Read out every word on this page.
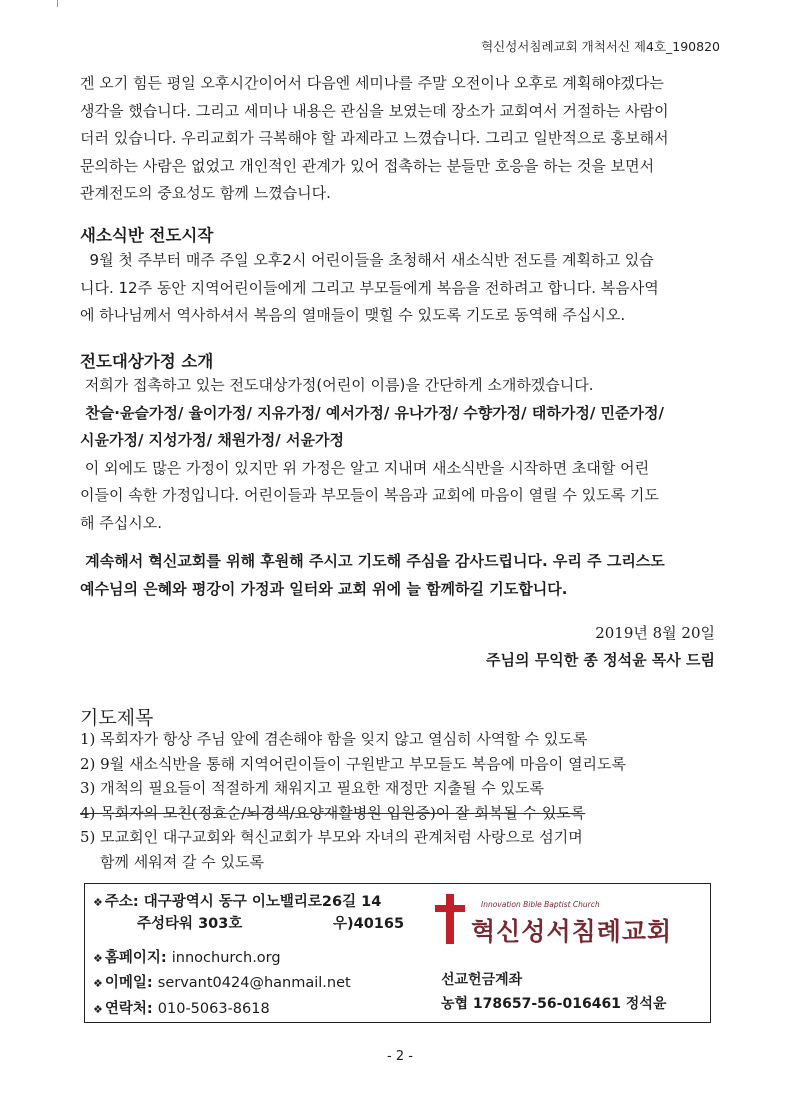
혁신성서침례교회 개척서신 제4호_190820
겐 오기 힘든 평일 오후시간이어서 다음엔 세미나를 주말 오전이나 오후로 계획해야겠다는
생각을 했습니다. 그리고 세미나 내용은 관심을 보였는데 장소가 교회여서 거절하는 사람이
더러 있습니다. 우리교회가 극복해야 할 과제라고 느꼈습니다. 그리고 일반적으로 홍보해서
문의하는 사람은 없었고 개인적인 관계가 있어 접촉하는 분들만 호응을 하는 것을 보면서
관계전도의 중요성도 함께 느꼈습니다.
새소식반 전도시작
9월 첫 주부터 매주 주일 오후2시 어린이들을 초청해서 새소식반 전도를 계획하고 있습
니다. 12주 동안 지역어린이들에게 그리고 부모들에게 복음을 전하려고 합니다. 복음사역
에 하나님께서 역사하셔서 복음의 열매들이 맺힐 수 있도록 기도로 동역해 주십시오.
전도대상가정 소개
저희가 접촉하고 있는 전도대상가정(어린이 이름)을 간단하게 소개하겠습니다.
찬슬·윤슬가정/ 율이가정/ 지유가정/ 예서가정/ 유나가정/ 수향가정/ 태하가정/ 민준가정/
시윤가정/ 지성가정/ 채원가정/ 서윤가정
이 외에도 많은 가정이 있지만 위 가정은 알고 지내며 새소식반을 시작하면 초대할 어린
이들이 속한 가정입니다. 어린이들과 부모들이 복음과 교회에 마음이 열릴 수 있도록 기도
해 주십시오.
계속해서 혁신교회를 위해 후원해 주시고 기도해 주심을 감사드립니다. 우리 주 그리스도
예수님의 은혜와 평강이 가정과 일터와 교회 위에 늘 함께하길 기도합니다.
2019년 8월 20일
주님의 무익한 종 정석윤 목사 드림
기도제목
1) 목회자가 항상 주님 앞에 겸손해야 함을 잊지 않고 열심히 사역할 수 있도록
2) 9월 새소식반을 통해 지역어린이들이 구원받고 부모들도 복음에 마음이 열리도록
3) 개척의 필요들이 적절하게 채워지고 필요한 재정만 지출될 수 있도록
4) 목회자의 모친(정효순/뇌경색/요양재활병원 입원중)이 잘 회복될 수 있도록
5) 모교회인 대구교회와 혁신교회가 부모와 자녀의 관계처럼 사랑으로 섬기며
함께 세워져 갈 수 있도록
❖ 주소: 대구광역시 동구 이노밸리로26길 14
주성타워 303호	우)40165
❖ 홈페이지: innochurch.org
❖ 이메일: servant0424@hanmail.net
❖ 연락처: 010-5063-8618
Innovation Bible Baptist Church
혁신성서침례교회
선교헌금계좌
농협 178657-56-016461 정석윤
- 2 -
